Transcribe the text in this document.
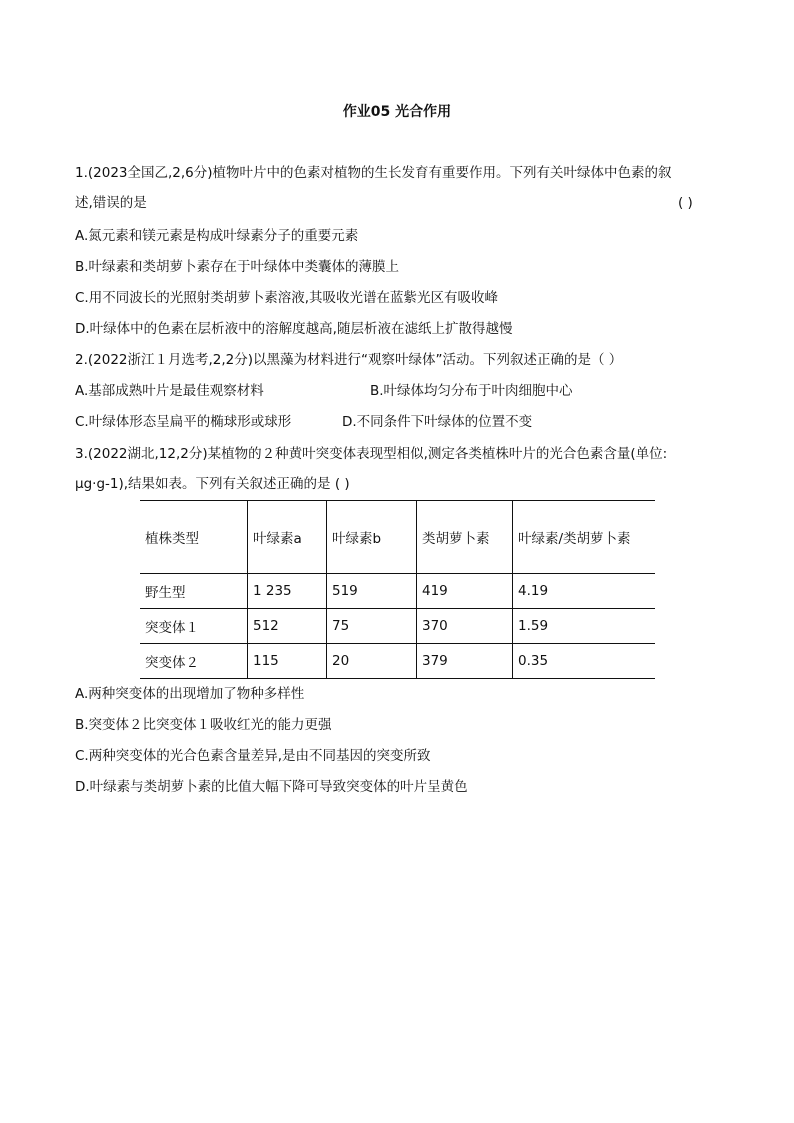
作业05 光合作用
1.(2023全国乙,2,6分)植物叶片中的色素对植物的生长发育有重要作用。下列有关叶绿体中色素的叙
述,错误的是	( )
A.氮元素和镁元素是构成叶绿素分子的重要元素
B.叶绿素和类胡萝卜素存在于叶绿体中类囊体的薄膜上
C.用不同波长的光照射类胡萝卜素溶液,其吸收光谱在蓝紫光区有吸收峰
D.叶绿体中的色素在层析液中的溶解度越高,随层析液在滤纸上扩散得越慢
2.(2022浙江１月选考,2,2分)以黑藻为材料进行“观察叶绿体”活动。下列叙述正确的是（ ）
A.基部成熟叶片是最佳观察材料	B.叶绿体均匀分布于叶肉细胞中心
C.叶绿体形态呈扁平的椭球形或球形	D.不同条件下叶绿体的位置不变
3.(2022湖北,12,2分)某植物的２种黄叶突变体表现型相似,测定各类植株叶片的光合色素含量(单位:
μg·g-1),结果如表。下列有关叙述正确的是 ( )
植株类型	叶绿素a	叶绿素b	类胡萝卜素	叶绿素/类胡萝卜素
野生型	1 235	519	419	4.19
突变体１	512	75	370	1.59
突变体２	115	20	379	0.35
A.两种突变体的出现增加了物种多样性
B.突变体２比突变体１吸收红光的能力更强
C.两种突变体的光合色素含量差异,是由不同基因的突变所致
D.叶绿素与类胡萝卜素的比值大幅下降可导致突变体的叶片呈黄色
